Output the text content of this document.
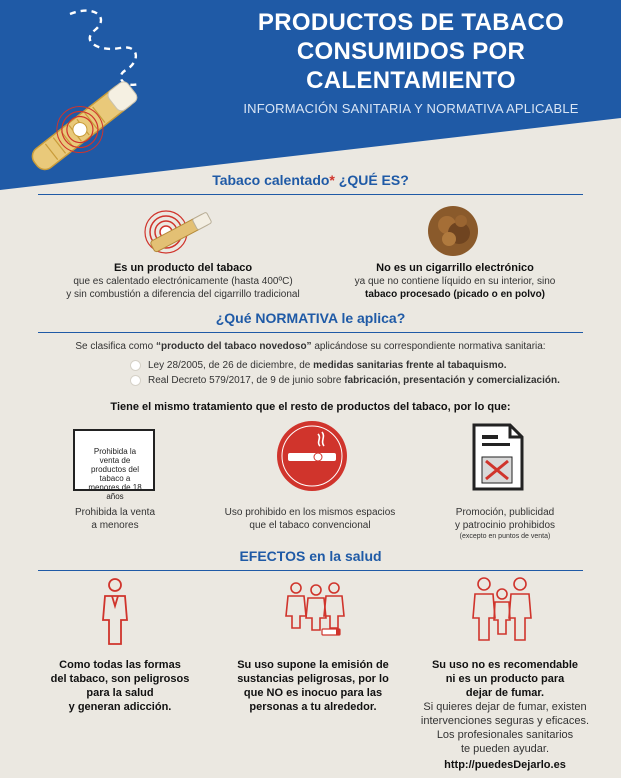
PRODUCTOS DE TABACO
CONSUMIDOS POR
CALENTAMIENTO
INFORMACIÓN SANITARIA Y NORMATIVA APLICABLE
Tabaco calentado* ¿QUÉ ES?
Es un producto del tabaco
que es calentado electrónicamente (hasta 400ºC)
y sin combustión a diferencia del cigarrillo tradicional
No es un cigarrillo electrónico
ya que no contiene líquido en su interior, sino
tabaco procesado (picado o en polvo)
¿Qué NORMATIVA le aplica?
Se clasifica como “producto del tabaco novedoso” aplicándose su correspondiente normativa sanitaria:
Ley 28/2005, de 26 de diciembre, de medidas sanitarias frente al tabaquismo.
Real Decreto 579/2017, de 9 de junio sobre fabricación, presentación y comercialización.
Tiene el mismo tratamiento que el resto de productos del tabaco, por lo que:
Prohibida la venta de productos del tabaco a menores de 18 años
Prohibida la venta
a menores
Uso prohibido en los mismos espacios
que el tabaco convencional
Promoción, publicidad
y patrocinio prohibidos
(excepto en puntos de venta)
EFECTOS en la salud
Como todas las formas
del tabaco, son peligrosos
para la salud
y generan adicción.
Su uso supone la emisión de
sustancias peligrosas, por lo
que NO es inocuo para las
personas a tu alrededor.
Su uso no es recomendable
ni es un producto para
dejar de fumar.
Si quieres dejar de fumar, existen
intervenciones seguras y eficaces.
Los profesionales sanitarios
te pueden ayudar.
http://puedesDejarlo.es
